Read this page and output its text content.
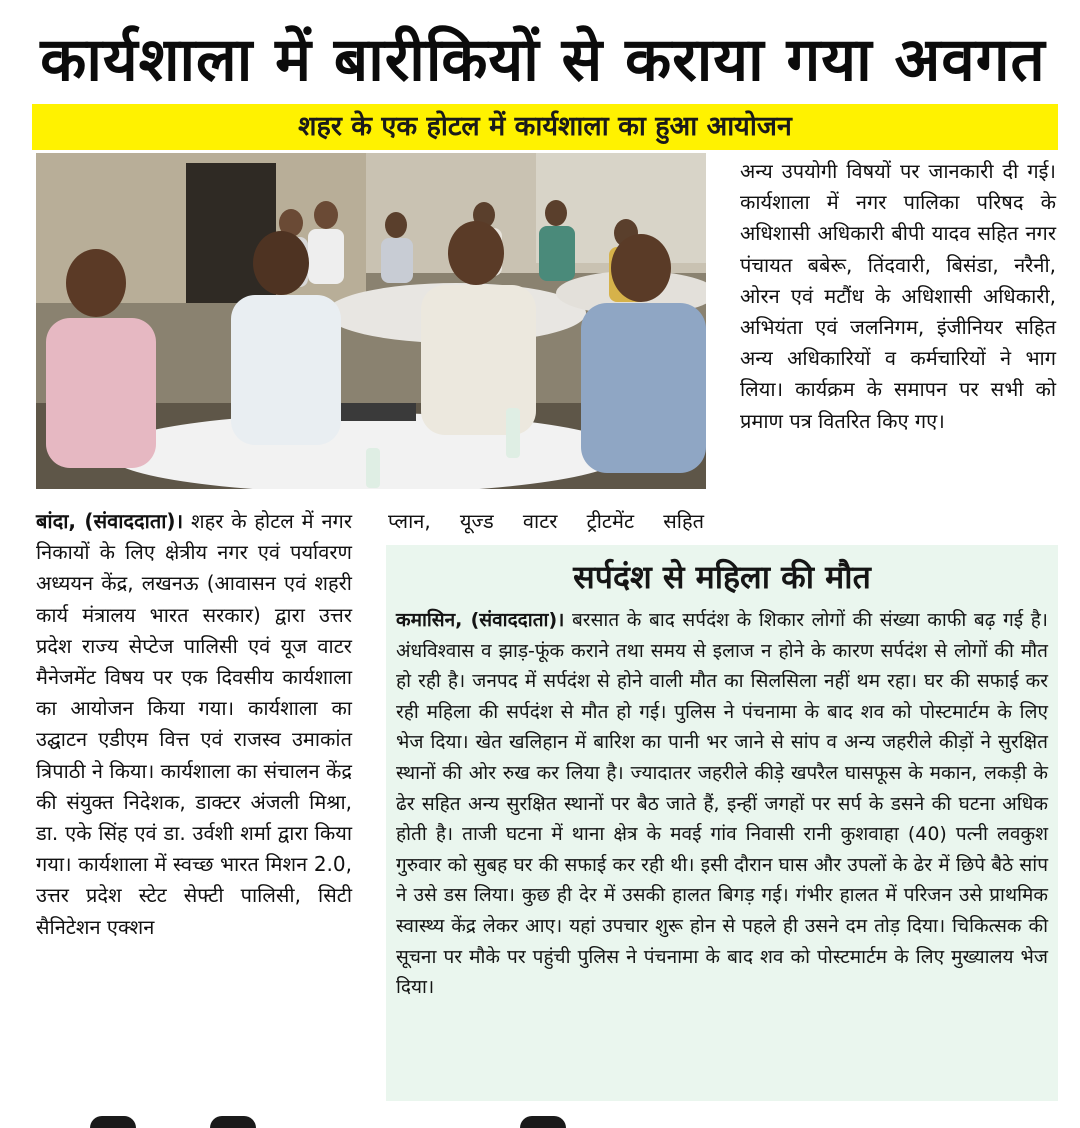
कार्यशाला में बारीकियों से कराया गया अवगत
शहर के एक होटल में कार्यशाला का हुआ आयोजन

अन्य उपयोगी विषयों पर जानकारी दी गई। कार्यशाला में नगर पालिका परिषद के अधिशासी अधिकारी बीपी यादव सहित नगर पंचायत बबेरू, तिंदवारी, बिसंडा, नरैनी, ओरन एवं मटौंध के अधिशासी अधिकारी, अभियंता एवं जलनिगम, इंजीनियर सहित अन्य अधिकारियों व कर्मचारियों ने भाग लिया। कार्यक्रम के समापन पर सभी को प्रमाण पत्र वितरित किए गए।

बांदा, (संवाददाता)। शहर के होटल में नगर निकायों के लिए क्षेत्रीय नगर एवं पर्यावरण अध्ययन केंद्र, लखनऊ (आवासन एवं शहरी कार्य मंत्रालय भारत सरकार) द्वारा उत्तर प्रदेश राज्य सेप्टेज पालिसी एवं यूज वाटर मैनेजमेंट विषय पर एक दिवसीय कार्यशाला का आयोजन किया गया। कार्यशाला का उद्घाटन एडीएम वित्त एवं राजस्व उमाकांत त्रिपाठी ने किया। कार्यशाला का संचालन केंद्र की संयुक्त निदेशक, डाक्टर अंजली मिश्रा, डा. एके सिंह एवं डा. उर्वशी शर्मा द्वारा किया गया। कार्यशाला में स्वच्छ भारत मिशन 2.0, उत्तर प्रदेश स्टेट सेफ्टी पालिसी, सिटी सैनिटेशन एक्शन

प्लान, यूज्ड वाटर ट्रीटमेंट सहित

सर्पदंश से महिला की मौत
कमासिन, (संवाददाता)। बरसात के बाद सर्पदंश के शिकार लोगों की संख्या काफी बढ़ गई है। अंधविश्वास व झाड़-फूंक कराने तथा समय से इलाज न होने के कारण सर्पदंश से लोगों की मौत हो रही है। जनपद में सर्पदंश से होने वाली मौत का सिलसिला नहीं थम रहा। घर की सफाई कर रही महिला की सर्पदंश से मौत हो गई। पुलिस ने पंचनामा के बाद शव को पोस्टमार्टम के लिए भेज दिया। खेत खलिहान में बारिश का पानी भर जाने से सांप व अन्य जहरीले कीड़ों ने सुरक्षित स्थानों की ओर रुख कर लिया है। ज्यादातर जहरीले कीड़े खपरैल घासफूस के मकान, लकड़ी के ढेर सहित अन्य सुरक्षित स्थानों पर बैठ जाते हैं, इन्हीं जगहों पर सर्प के डसने की घटना अधिक होती है। ताजी घटना में थाना क्षेत्र के मवई गांव निवासी रानी कुशवाहा (40) पत्नी लवकुश गुरुवार को सुबह घर की सफाई कर रही थी। इसी दौरान घास और उपलों के ढेर में छिपे बैठे सांप ने उसे डस लिया। कुछ ही देर में उसकी हालत बिगड़ गई। गंभीर हालत में परिजन उसे प्राथमिक स्वास्थ्य केंद्र लेकर आए। यहां उपचार शुरू होन से पहले ही उसने दम तोड़ दिया। चिकित्सक की सूचना पर मौके पर पहुंची पुलिस ने पंचनामा के बाद शव को पोस्टमार्टम के लिए मुख्यालय भेज दिया।
